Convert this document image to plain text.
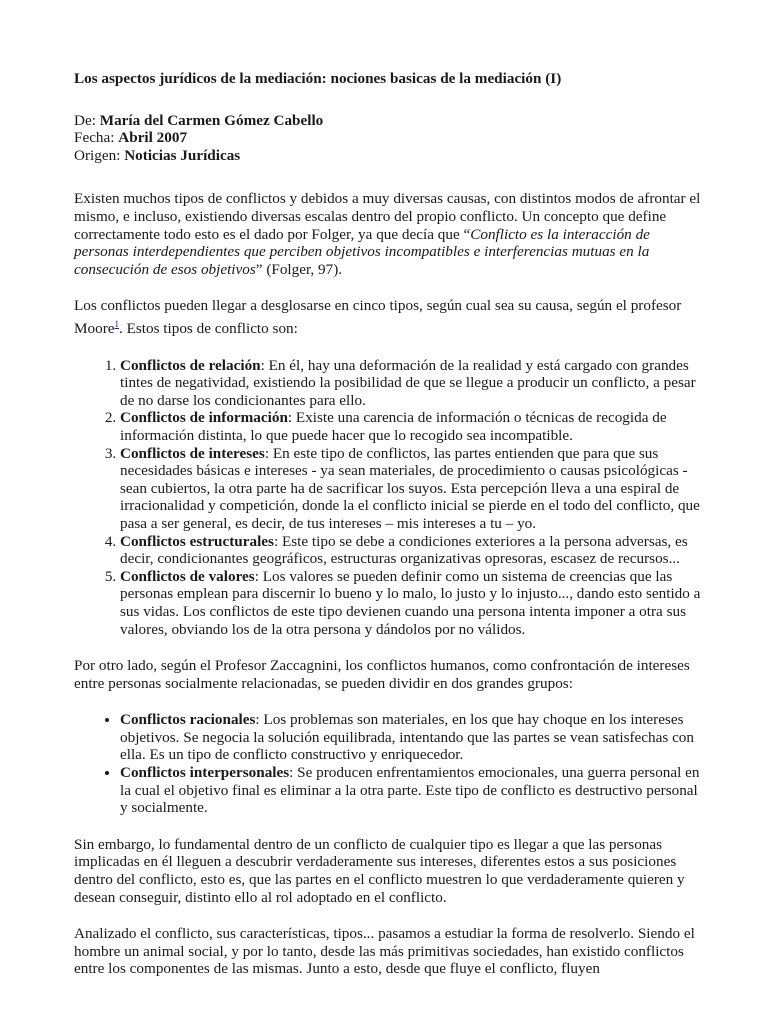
Los aspectos jurídicos de la mediación: nociones basicas de la mediación (I)

De: María del Carmen Gómez Cabello

Fecha: Abril 2007

Origen: Noticias Jurídicas

Existen muchos tipos de conflictos y debidos a muy diversas causas, con distintos modos de afrontar el mismo, e incluso, existiendo diversas escalas dentro del propio conflicto. Un concepto que define correctamente todo esto es el dado por Folger, ya que decía que “Conflicto es la interacción de personas interdependientes que perciben objetivos incompatibles e interferencias mutuas en la consecución de esos objetivos” (Folger, 97).

Los conflictos pueden llegar a desglosarse en cinco tipos, según cual sea su causa, según el profesor Moore$^1$. Estos tipos de conflicto son:

1. Conflictos de relación: En él, hay una deformación de la realidad y está cargado con grandes tintes de negatividad, existiendo la posibilidad de que se llegue a producir un conflicto, a pesar de no darse los condicionantes para ello.
2. Conflictos de información: Existe una carencia de información o técnicas de recogida de información distinta, lo que puede hacer que lo recogido sea incompatible.
3. Conflictos de intereses: En este tipo de conflictos, las partes entienden que para que sus necesidades básicas e intereses - ya sean materiales, de procedimiento o causas psicológicas - sean cubiertos, la otra parte ha de sacrificar los suyos. Esta percepción lleva a una espiral de irracionalidad y competición, donde la el conflicto inicial se pierde en el todo del conflicto, que pasa a ser general, es decir, de tus intereses – mis intereses a tu – yo.
4. Conflictos estructurales: Este tipo se debe a condiciones exteriores a la persona adversas, es decir, condicionantes geográficos, estructuras organizativas opresoras, escasez de recursos...
5. Conflictos de valores: Los valores se pueden definir como un sistema de creencias que las personas emplean para discernir lo bueno y lo malo, lo justo y lo injusto..., dando esto sentido a sus vidas. Los conflictos de este tipo devienen cuando una persona intenta imponer a otra sus valores, obviando los de la otra persona y dándolos por no válidos.

Por otro lado, según el Profesor Zaccagnini, los conflictos humanos, como confrontación de intereses entre personas socialmente relacionadas, se pueden dividir en dos grandes grupos:

• Conflictos racionales: Los problemas son materiales, en los que hay choque en los intereses objetivos. Se negocia la solución equilibrada, intentando que las partes se vean satisfechas con ella. Es un tipo de conflicto constructivo y enriquecedor.
• Conflictos interpersonales: Se producen enfrentamientos emocionales, una guerra personal en la cual el objetivo final es eliminar a la otra parte. Este tipo de conflicto es destructivo personal y socialmente.

Sin embargo, lo fundamental dentro de un conflicto de cualquier tipo es llegar a que las personas implicadas en él lleguen a descubrir verdaderamente sus intereses, diferentes estos a sus posiciones dentro del conflicto, esto es, que las partes en el conflicto muestren lo que verdaderamente quieren y desean conseguir, distinto ello al rol adoptado en el conflicto.

Analizado el conflicto, sus características, tipos... pasamos a estudiar la forma de resolverlo. Siendo el hombre un animal social, y por lo tanto, desde las más primitivas sociedades, han existido conflictos entre los componentes de las mismas. Junto a esto, desde que fluye el conflicto, fluyen
